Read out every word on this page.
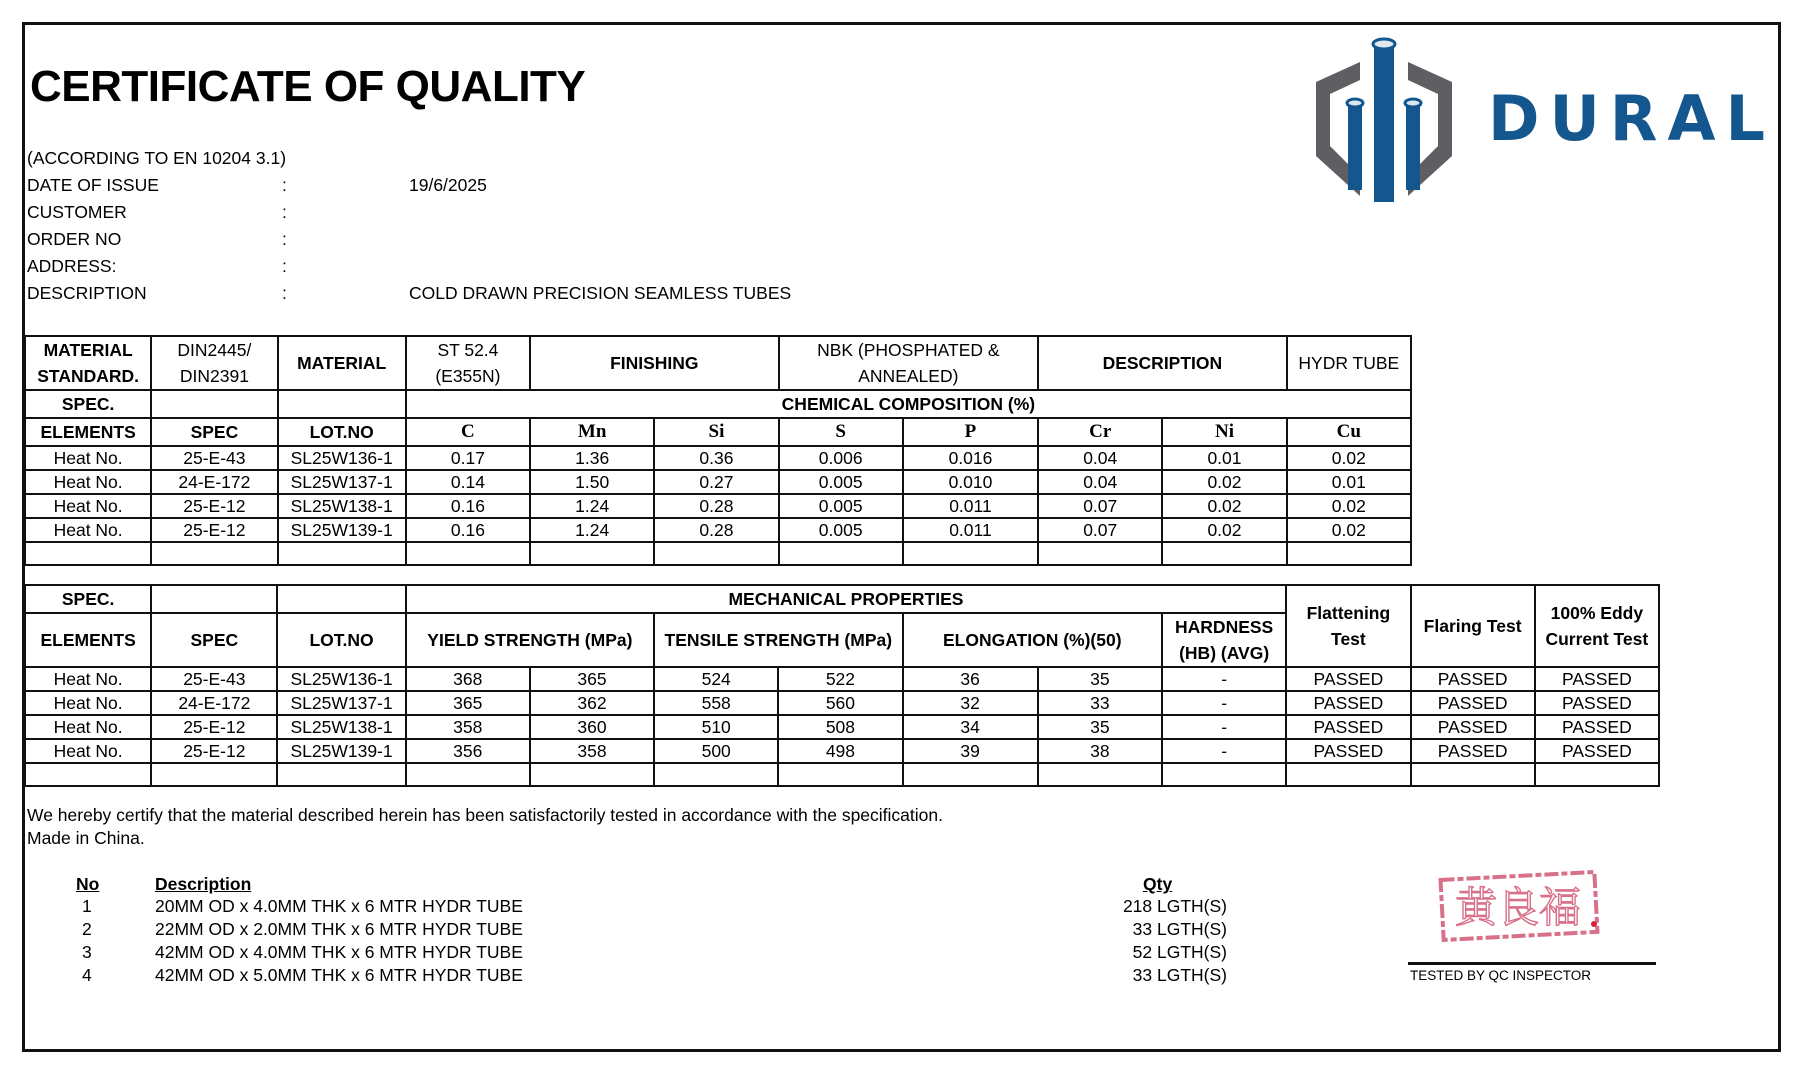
CERTIFICATE OF QUALITY	DURAL
(ACCORDING TO EN 10204 3.1)
DATE OF ISSUE	:	19/6/2025
CUSTOMER	:
ORDER NO	:
ADDRESS:	:
DESCRIPTION	:	COLD DRAWN PRECISION SEAMLESS TUBES
MATERIAL STANDARD.	DIN2445/ DIN2391	MATERIAL	ST 52.4 (E355N)	FINISHING		NBK (PHOSPHATED & ANNEALED)		DESCRIPTION		HYDR TUBE
SPEC.			CHEMICAL COMPOSITION (%)							
ELEMENTS	SPEC	LOT.NO	C	Mn	Si	S	P	Cr	Ni	Cu
Heat No.	25-E-43	SL25W136-1	0.17	1.36	0.36	0.006	0.016	0.04	0.01	0.02
Heat No.	24-E-172	SL25W137-1	0.14	1.50	0.27	0.005	0.010	0.04	0.02	0.01
Heat No.	25-E-12	SL25W138-1	0.16	1.24	0.28	0.005	0.011	0.07	0.02	0.02
Heat No.	25-E-12	SL25W139-1	0.16	1.24	0.28	0.005	0.011	0.07	0.02	0.02

SPEC.			MECHANICAL PROPERTIES							Flattening Test	Flaring Test	100% Eddy Current Test
ELEMENTS	SPEC	LOT.NO	YIELD STRENGTH (MPa)		TENSILE STRENGTH (MPa)		ELONGATION (%)(50)		HARDNESS (HB) (AVG)			
Heat No.	25-E-43	SL25W136-1	368	365	524	522	36	35	-	PASSED	PASSED	PASSED
Heat No.	24-E-172	SL25W137-1	365	362	558	560	32	33	-	PASSED	PASSED	PASSED
Heat No.	25-E-12	SL25W138-1	358	360	510	508	34	35	-	PASSED	PASSED	PASSED
Heat No.	25-E-12	SL25W139-1	356	358	500	498	39	38	-	PASSED	PASSED	PASSED

We hereby certify that the material described herein has been satisfactorily tested in accordance with the specification.
Made in China.
No	Description	Qty
1	20MM OD x 4.0MM THK x 6 MTR HYDR TUBE	218 LGTH(S)
2	22MM OD x 2.0MM THK x 6 MTR HYDR TUBE	33 LGTH(S)
3	42MM OD x 4.0MM THK x 6 MTR HYDR TUBE	52 LGTH(S)
4	42MM OD x 5.0MM THK x 6 MTR HYDR TUBE	33 LGTH(S)
黄良福
TESTED BY QC INSPECTOR
